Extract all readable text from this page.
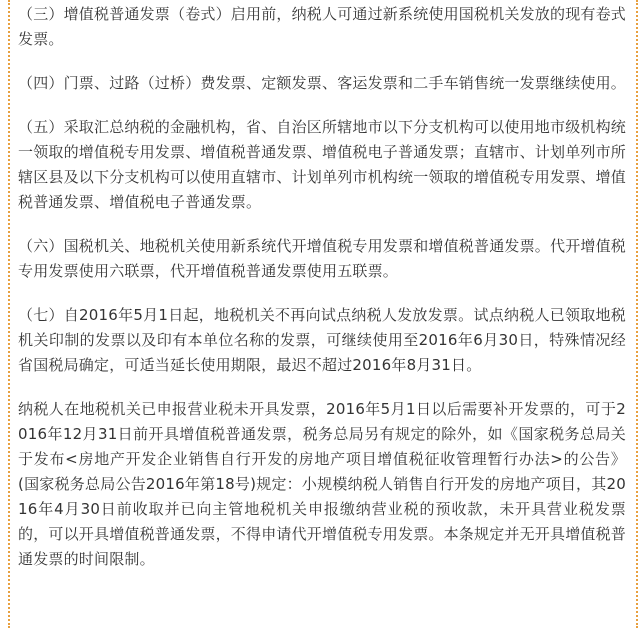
（三）增值税普通发票（卷式）启用前，纳税人可通过新系统使用国税机关发放的现有卷式发票。

（四）门票、过路（过桥）费发票、定额发票、客运发票和二手车销售统一发票继续使用。

（五）采取汇总纳税的金融机构，省、自治区所辖地市以下分支机构可以使用地市级机构统一领取的增值税专用发票、增值税普通发票、增值税电子普通发票；直辖市、计划单列市所辖区县及以下分支机构可以使用直辖市、计划单列市机构统一领取的增值税专用发票、增值税普通发票、增值税电子普通发票。

（六）国税机关、地税机关使用新系统代开增值税专用发票和增值税普通发票。代开增值税专用发票使用六联票，代开增值税普通发票使用五联票。

（七）自2016年5月1日起，地税机关不再向试点纳税人发放发票。试点纳税人已领取地税机关印制的发票以及印有本单位名称的发票，可继续使用至2016年6月30日，特殊情况经省国税局确定，可适当延长使用期限，最迟不超过2016年8月31日。

纳税人在地税机关已申报营业税未开具发票，2016年5月1日以后需要补开发票的，可于2016年12月31日前开具增值税普通发票，税务总局另有规定的除外，如《国家税务总局关于发布<房地产开发企业销售自行开发的房地产项目增值税征收管理暂行办法>的公告》(国家税务总局公告2016年第18号)规定：小规模纳税人销售自行开发的房地产项目，其2016年4月30日前收取并已向主管地税机关申报缴纳营业税的预收款，未开具营业税发票的，可以开具增值税普通发票，不得申请代开增值税专用发票。本条规定并无开具增值税普通发票的时间限制。
